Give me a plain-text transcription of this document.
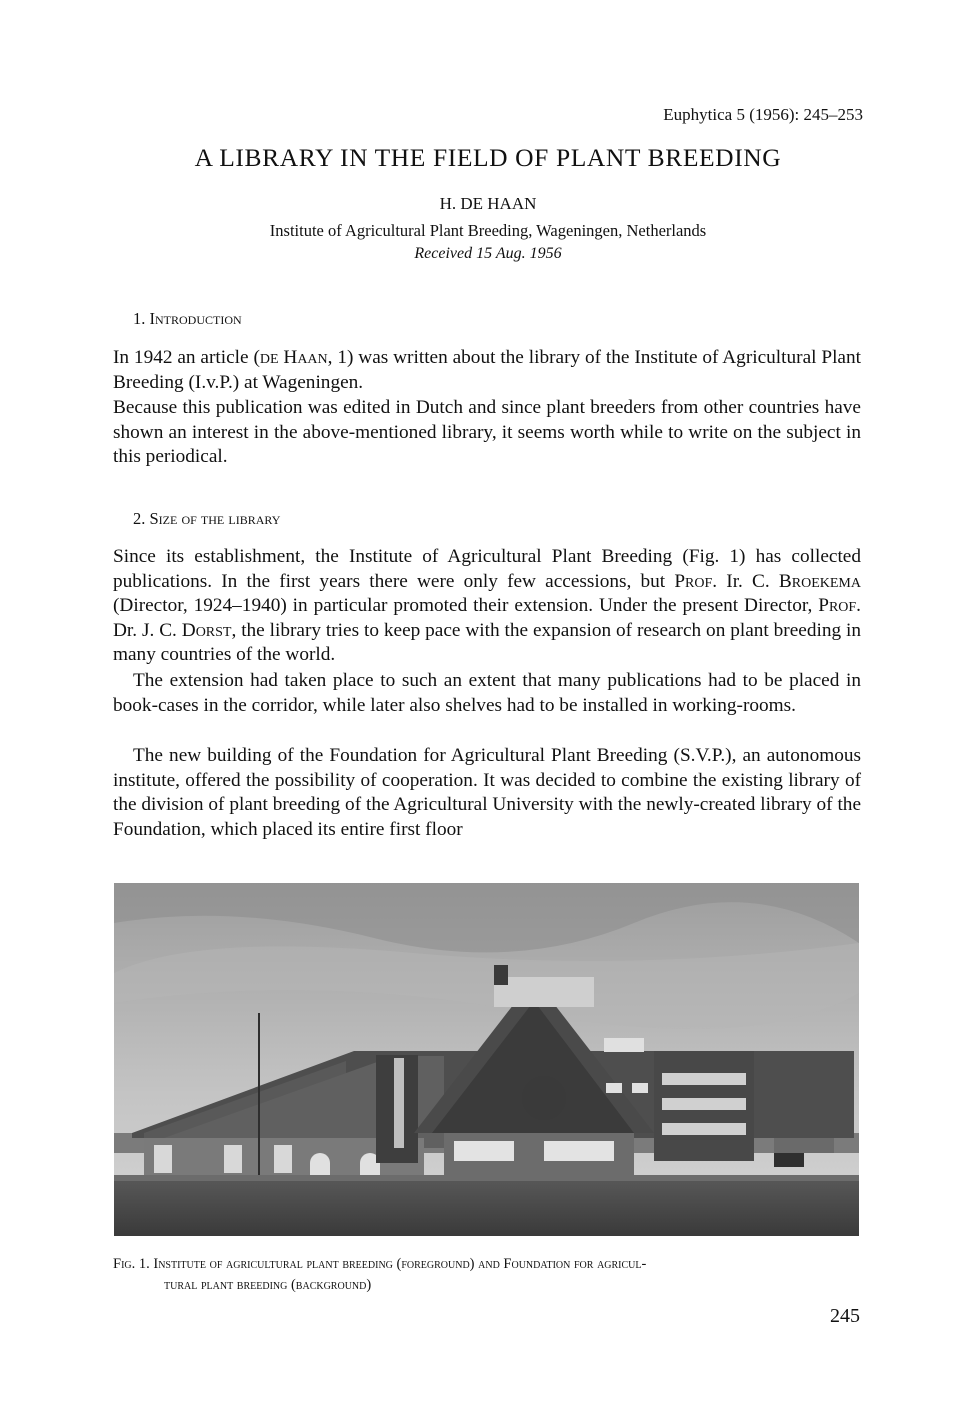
Euphytica 5 (1956): 245–253
A LIBRARY IN THE FIELD OF PLANT BREEDING
H. DE HAAN
Institute of Agricultural Plant Breeding, Wageningen, Netherlands
Received 15 Aug. 1956
1. Introduction

In 1942 an article (de Haan, 1) was written about the library of the Institute of Agricultural Plant Breeding (I.v.P.) at Wageningen.

Because this publication was edited in Dutch and since plant breeders from other countries have shown an interest in the above-mentioned library, it seems worth while to write on the subject in this periodical.

2. Size of the library

Since its establishment, the Institute of Agricultural Plant Breeding (Fig. 1) has collected publications. In the first years there were only few accessions, but Prof. Ir. C. Broekema (Director, 1924–1940) in particular promoted their extension. Under the present Director, Prof. Dr. J. C. Dorst, the library tries to keep pace with the expansion of research on plant breeding in many countries of the world.

The extension had taken place to such an extent that many publications had to be placed in book-cases in the corridor, while later also shelves had to be installed in working-rooms.

The new building of the Foundation for Agricultural Plant Breeding (S.V.P.), an autonomous institute, offered the possibility of cooperation. It was decided to combine the existing library of the division of plant breeding of the Agricultural University with the newly-created library of the Foundation, which placed its entire first floor

Fig. 1. Institute of agricultural plant breeding (foreground) and Foundation for agricul-
tural plant breeding (background)
245
